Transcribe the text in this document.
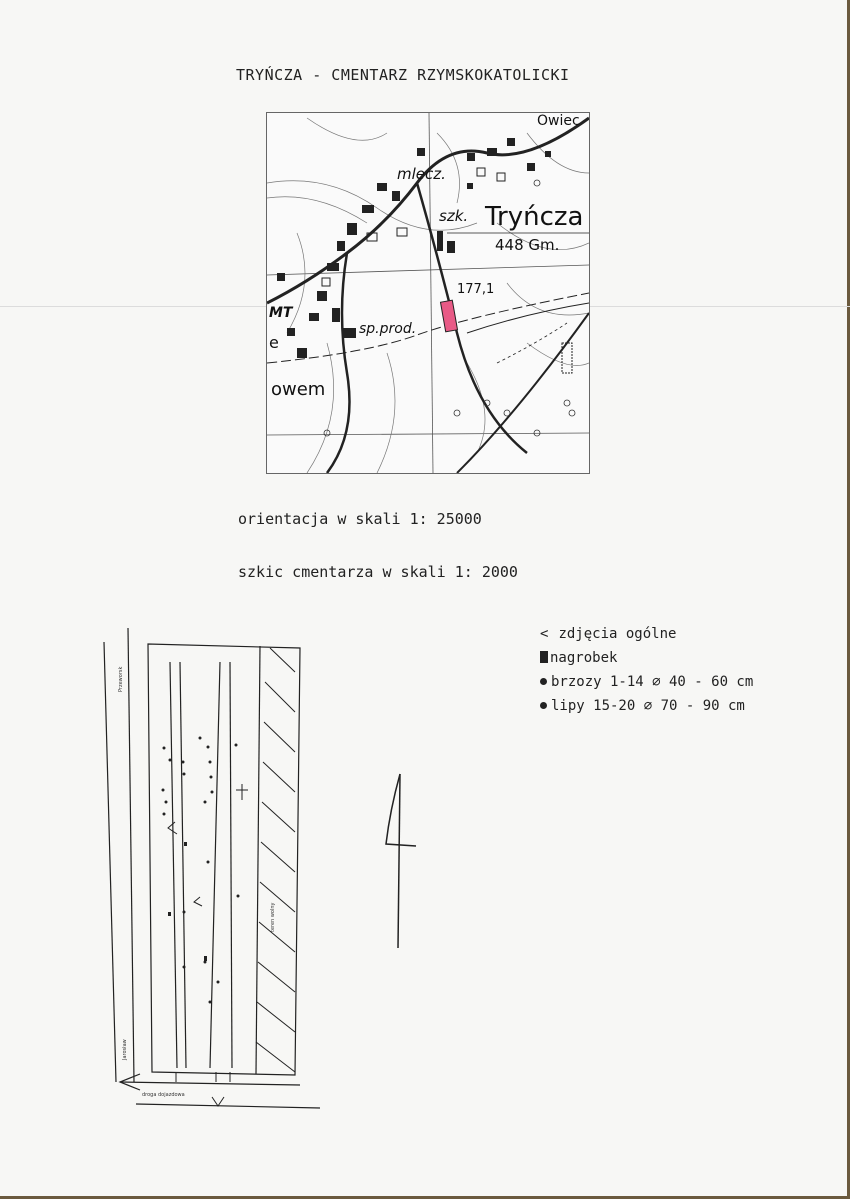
TRYŃCZA - CMENTARZ RZYMSKOKATOLICKI
Tryńcza
448 Gm.
Owiec
mlecz.
szk.
177,1
MT
sp.prod.
e
owem
orientacja w skali 1: 25000
szkic cmentarza w skali 1: 2000
< zdjęcia ogólne
nagrobek
brzozy 1-14 ⌀ 40 - 60 cm
lipy 15-20 ⌀ 70 - 90 cm
Przeworsk
Jarosław
droga dojazdowa
teren wolny
